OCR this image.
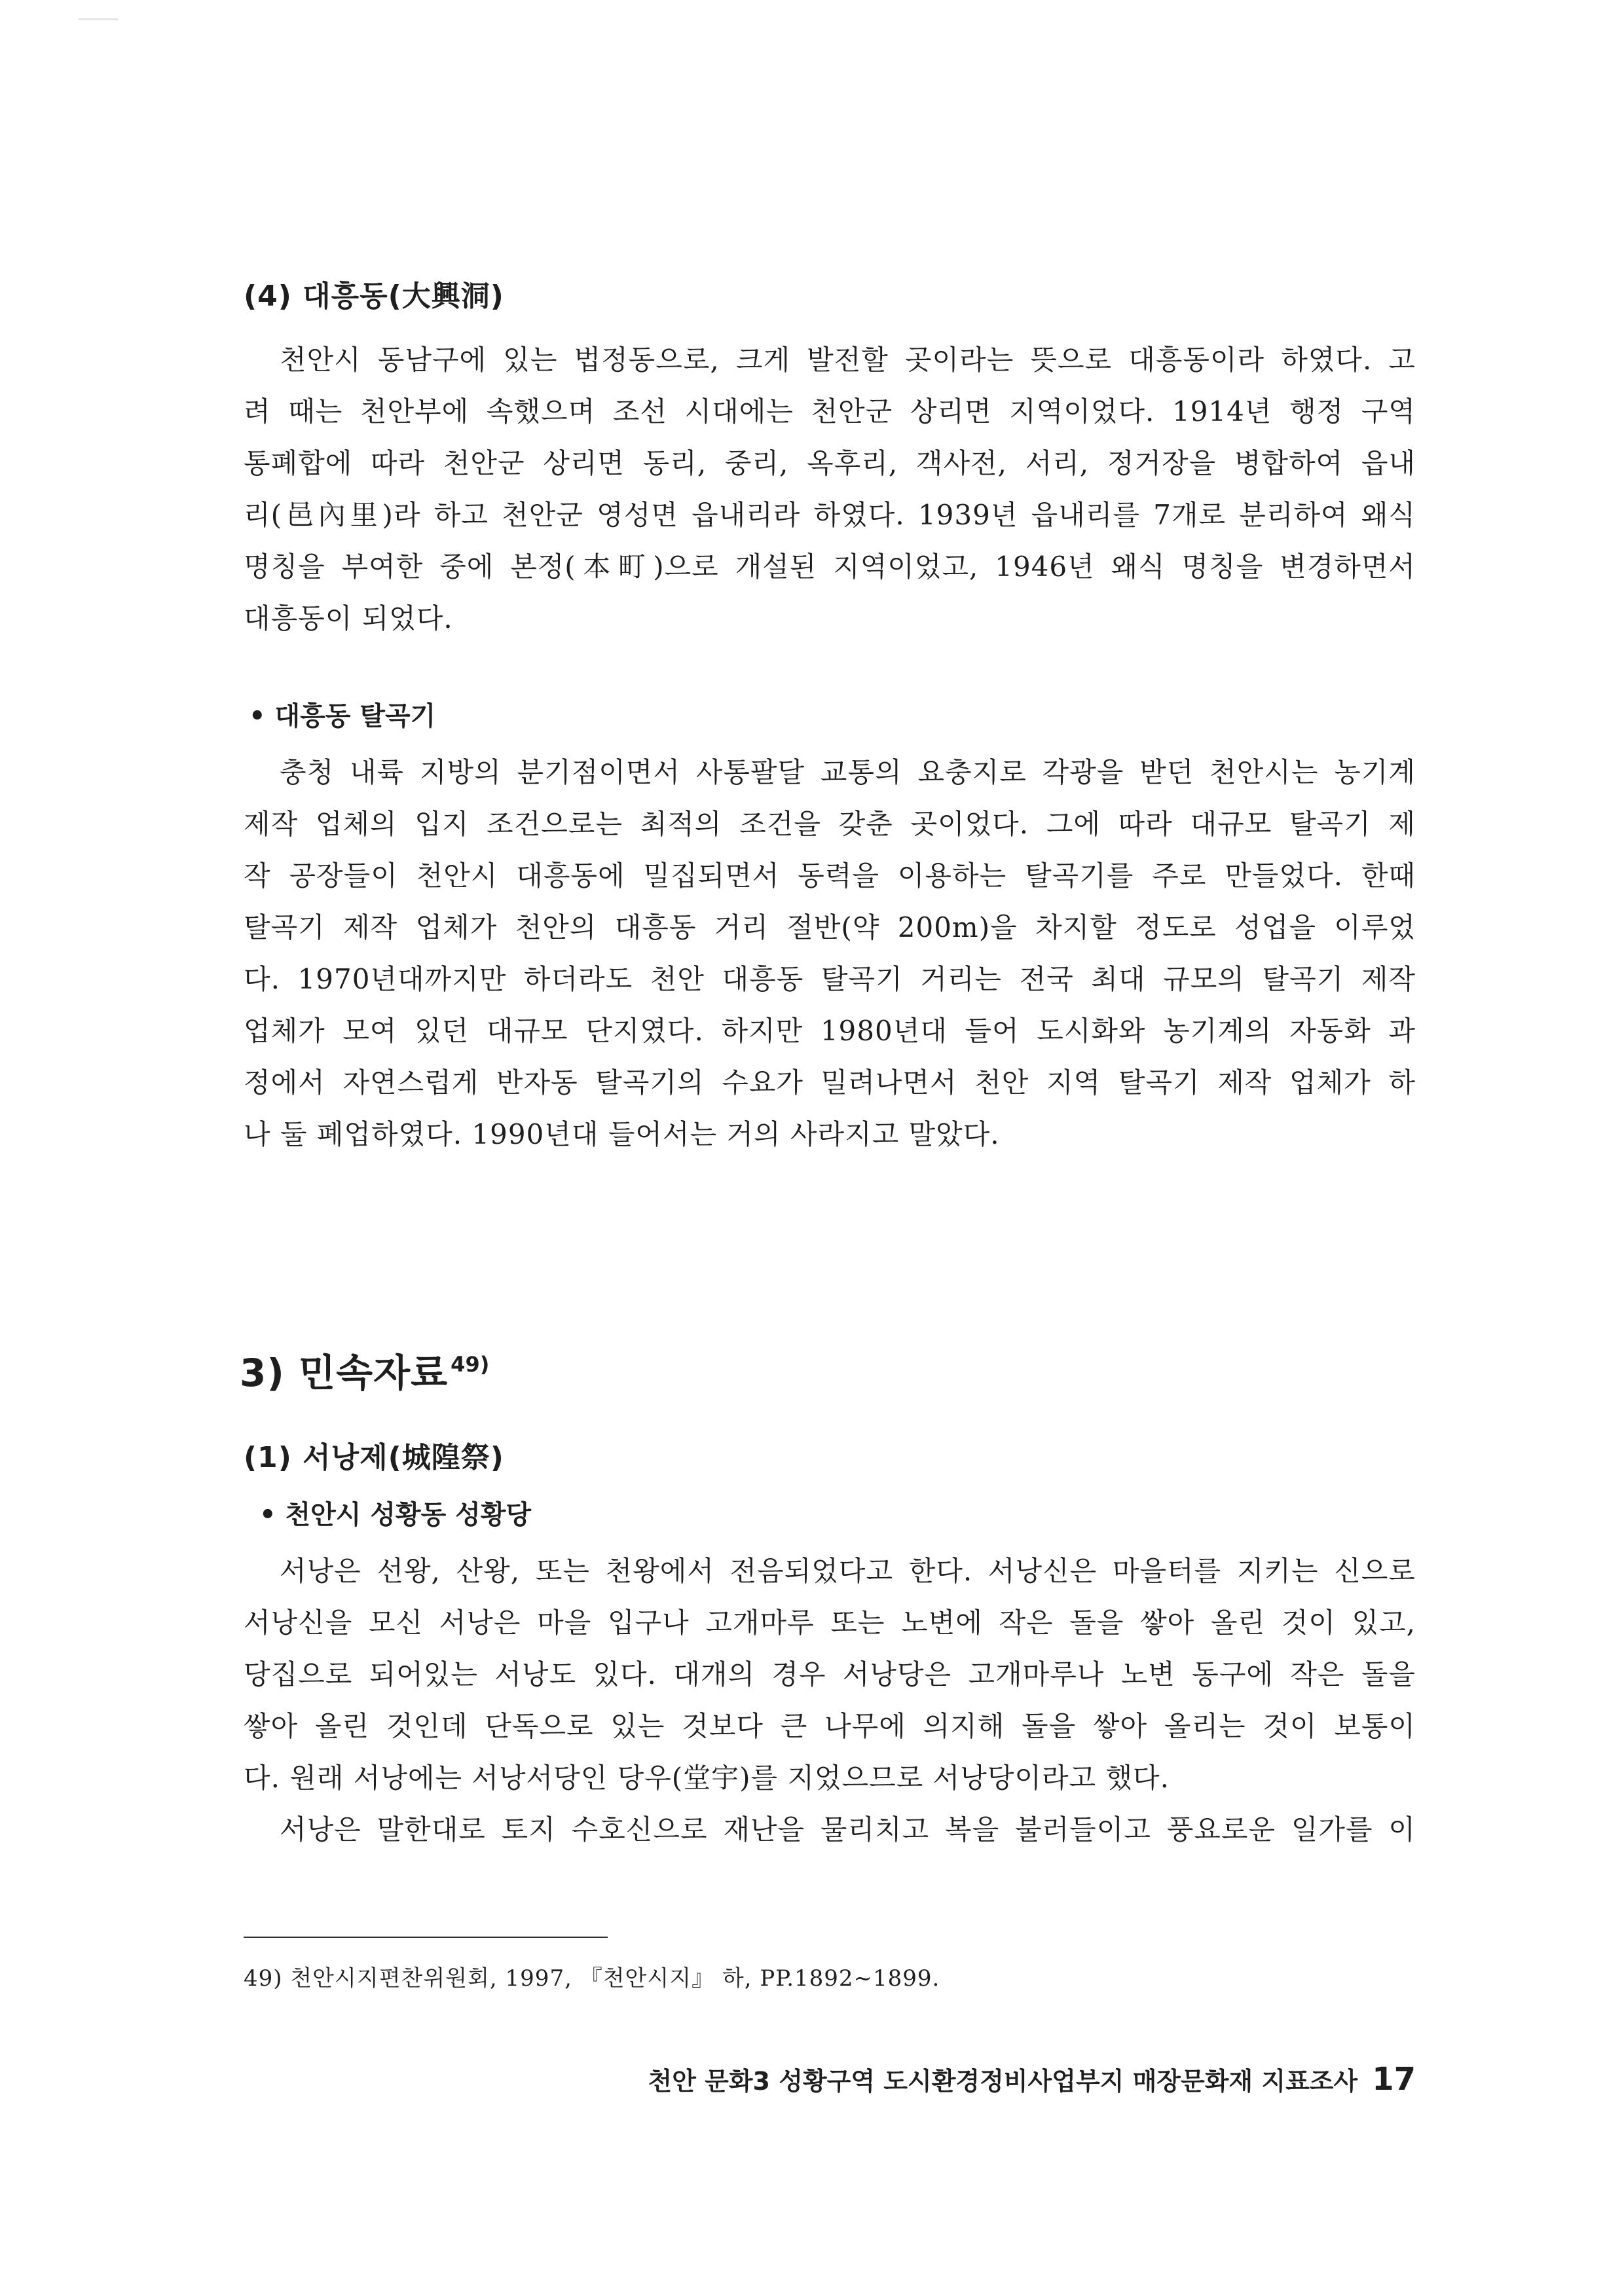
(4) 대흥동(大興洞)
천안시 동남구에 있는 법정동으로, 크게 발전할 곳이라는 뜻으로 대흥동이라 하였다. 고
려 때는 천안부에 속했으며 조선 시대에는 천안군 상리면 지역이었다. 1914년 행정 구역
통폐합에 따라 천안군 상리면 동리, 중리, 옥후리, 객사전, 서리, 정거장을 병합하여 읍내
리(邑內里)라 하고 천안군 영성면 읍내리라 하였다. 1939년 읍내리를 7개로 분리하여 왜식
명칭을 부여한 중에 본정(本町)으로 개설된 지역이었고, 1946년 왜식 명칭을 변경하면서
대흥동이 되었다.
• 대흥동 탈곡기
충청 내륙 지방의 분기점이면서 사통팔달 교통의 요충지로 각광을 받던 천안시는 농기계
제작 업체의 입지 조건으로는 최적의 조건을 갖춘 곳이었다. 그에 따라 대규모 탈곡기 제
작 공장들이 천안시 대흥동에 밀집되면서 동력을 이용하는 탈곡기를 주로 만들었다. 한때
탈곡기 제작 업체가 천안의 대흥동 거리 절반(약 200m)을 차지할 정도로 성업을 이루었
다. 1970년대까지만 하더라도 천안 대흥동 탈곡기 거리는 전국 최대 규모의 탈곡기 제작
업체가 모여 있던 대규모 단지였다. 하지만 1980년대 들어 도시화와 농기계의 자동화 과
정에서 자연스럽게 반자동 탈곡기의 수요가 밀려나면서 천안 지역 탈곡기 제작 업체가 하
나 둘 폐업하였다. 1990년대 들어서는 거의 사라지고 말았다.
3) 민속자료 $^{49)}$
(1) 서낭제(城隍祭)
• 천안시 성황동 성황당
서낭은 선왕, 산왕, 또는 천왕에서 전음되었다고 한다. 서낭신은 마을터를 지키는 신으로
서낭신을 모신 서낭은 마을 입구나 고개마루 또는 노변에 작은 돌을 쌓아 올린 것이 있고,
당집으로 되어있는 서낭도 있다. 대개의 경우 서낭당은 고개마루나 노변 동구에 작은 돌을
쌓아 올린 것인데 단독으로 있는 것보다 큰 나무에 의지해 돌을 쌓아 올리는 것이 보통이
다. 원래 서낭에는 서낭서당인 당우(堂宇)를 지었으므로 서낭당이라고 했다.
서낭은 말한대로 토지 수호신으로 재난을 물리치고 복을 불러들이고 풍요로운 일가를 이
49) 천안시지편찬위원회, 1997, 『천안시지』 하, PP.1892~1899.
천안 문화3 성황구역 도시환경정비사업부지 매장문화재 지표조사 17
